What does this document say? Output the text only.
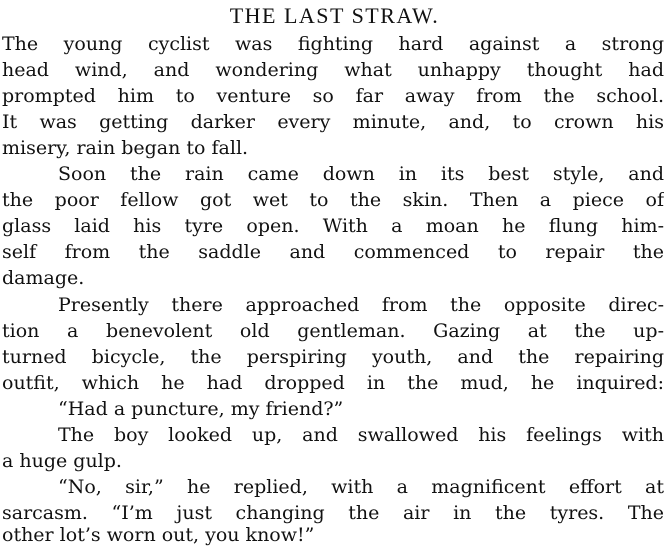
THE LAST STRAW.
The young cyclist was fighting hard against a strong
head wind, and wondering what unhappy thought had
prompted him to venture so far away from the school.
It was getting darker every minute, and, to crown his
misery, rain began to fall.
Soon the rain came down in its best style, and
the poor fellow got wet to the skin. Then a piece of
glass laid his tyre open. With a moan he flung him-
self from the saddle and commenced to repair the
damage.
Presently there approached from the opposite direc-
tion a benevolent old gentleman. Gazing at the up-
turned bicycle, the perspiring youth, and the repairing
outfit, which he had dropped in the mud, he inquired:
“Had a puncture, my friend?”
The boy looked up, and swallowed his feelings with
a huge gulp.
“No, sir,” he replied, with a magnificent effort at
sarcasm. “I’m just changing the air in the tyres. The
other lot’s worn out, you know!”
